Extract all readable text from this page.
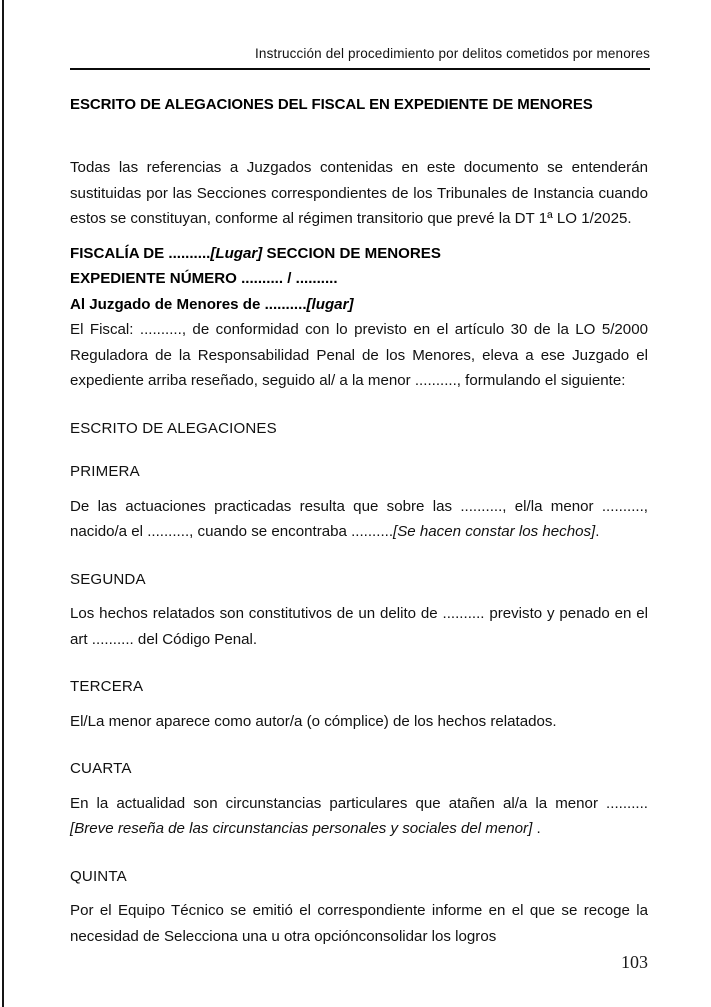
Instrucción del procedimiento por delitos cometidos por menores
ESCRITO DE ALEGACIONES DEL FISCAL EN EXPEDIENTE DE MENORES

Todas las referencias a Juzgados contenidas en este documento se entenderán sustituidas por las Secciones correspondientes de los Tribunales de Instancia cuando estos se constituyan, conforme al régimen transitorio que prevé la DT 1ª LO 1/2025.

FISCALÍA DE ..........[Lugar] SECCION DE MENORES

EXPEDIENTE NÚMERO .......... / ..........

Al Juzgado de Menores de ..........[lugar]

El Fiscal: .........., de conformidad con lo previsto en el artículo 30 de la LO 5/2000 Reguladora de la Responsabilidad Penal de los Menores, eleva a ese Juzgado el expediente arriba reseñado, seguido al/ a la menor .........., formulando el siguiente:

ESCRITO DE ALEGACIONES

PRIMERA

De las actuaciones practicadas resulta que sobre las .........., el/la menor .........., nacido/a el .........., cuando se encontraba ..........[Se hacen constar los hechos].

SEGUNDA

Los hechos relatados son constitutivos de un delito de .......... previsto y penado en el art .......... del Código Penal.

TERCERA

El/La menor aparece como autor/a (o cómplice) de los hechos relatados.

CUARTA

En la actualidad son circunstancias particulares que atañen al/a la menor ..........[Breve reseña de las circunstancias personales y sociales del menor] .

QUINTA

Por el Equipo Técnico se emitió el correspondiente informe en el que se recoge la necesidad de Selecciona una u otra opciónconsolidar los logros

103
